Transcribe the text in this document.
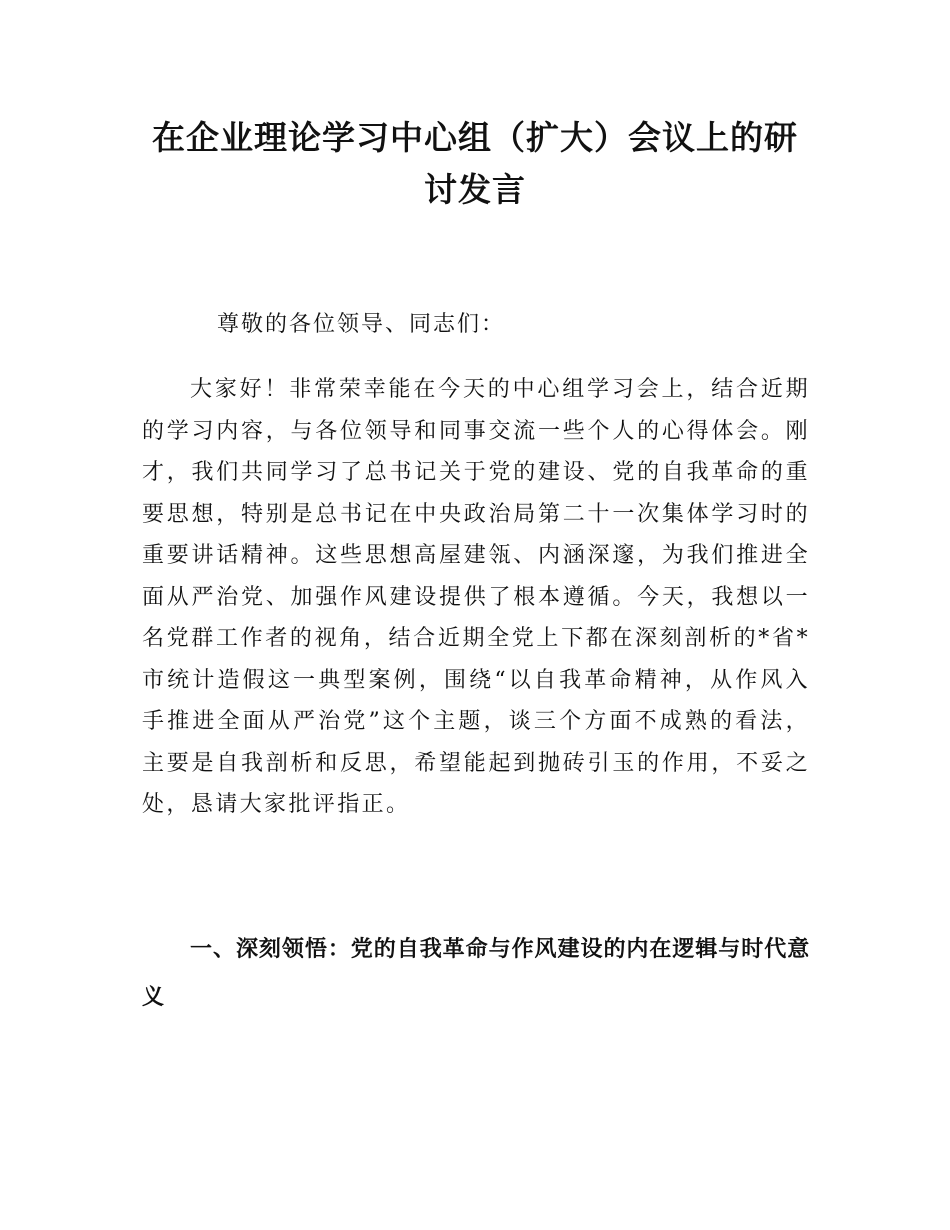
在企业理论学习中心组（扩大）会议上的研讨发言

尊敬的各位领导、同志们：

大家好！非常荣幸能在今天的中心组学习会上，结合近期的学习内容，与各位领导和同事交流一些个人的心得体会。刚才，我们共同学习了总书记关于党的建设、党的自我革命的重要思想，特别是总书记在中央政治局第二十一次集体学习时的重要讲话精神。这些思想高屋建瓴、内涵深邃，为我们推进全面从严治党、加强作风建设提供了根本遵循。今天，我想以一名党群工作者的视角，结合近期全党上下都在深刻剖析的*省*市统计造假这一典型案例，围绕“以自我革命精神，从作风入手推进全面从严治党”这个主题，谈三个方面不成熟的看法，主要是自我剖析和反思，希望能起到抛砖引玉的作用，不妥之处，恳请大家批评指正。

一、深刻领悟：党的自我革命与作风建设的内在逻辑与时代意义
